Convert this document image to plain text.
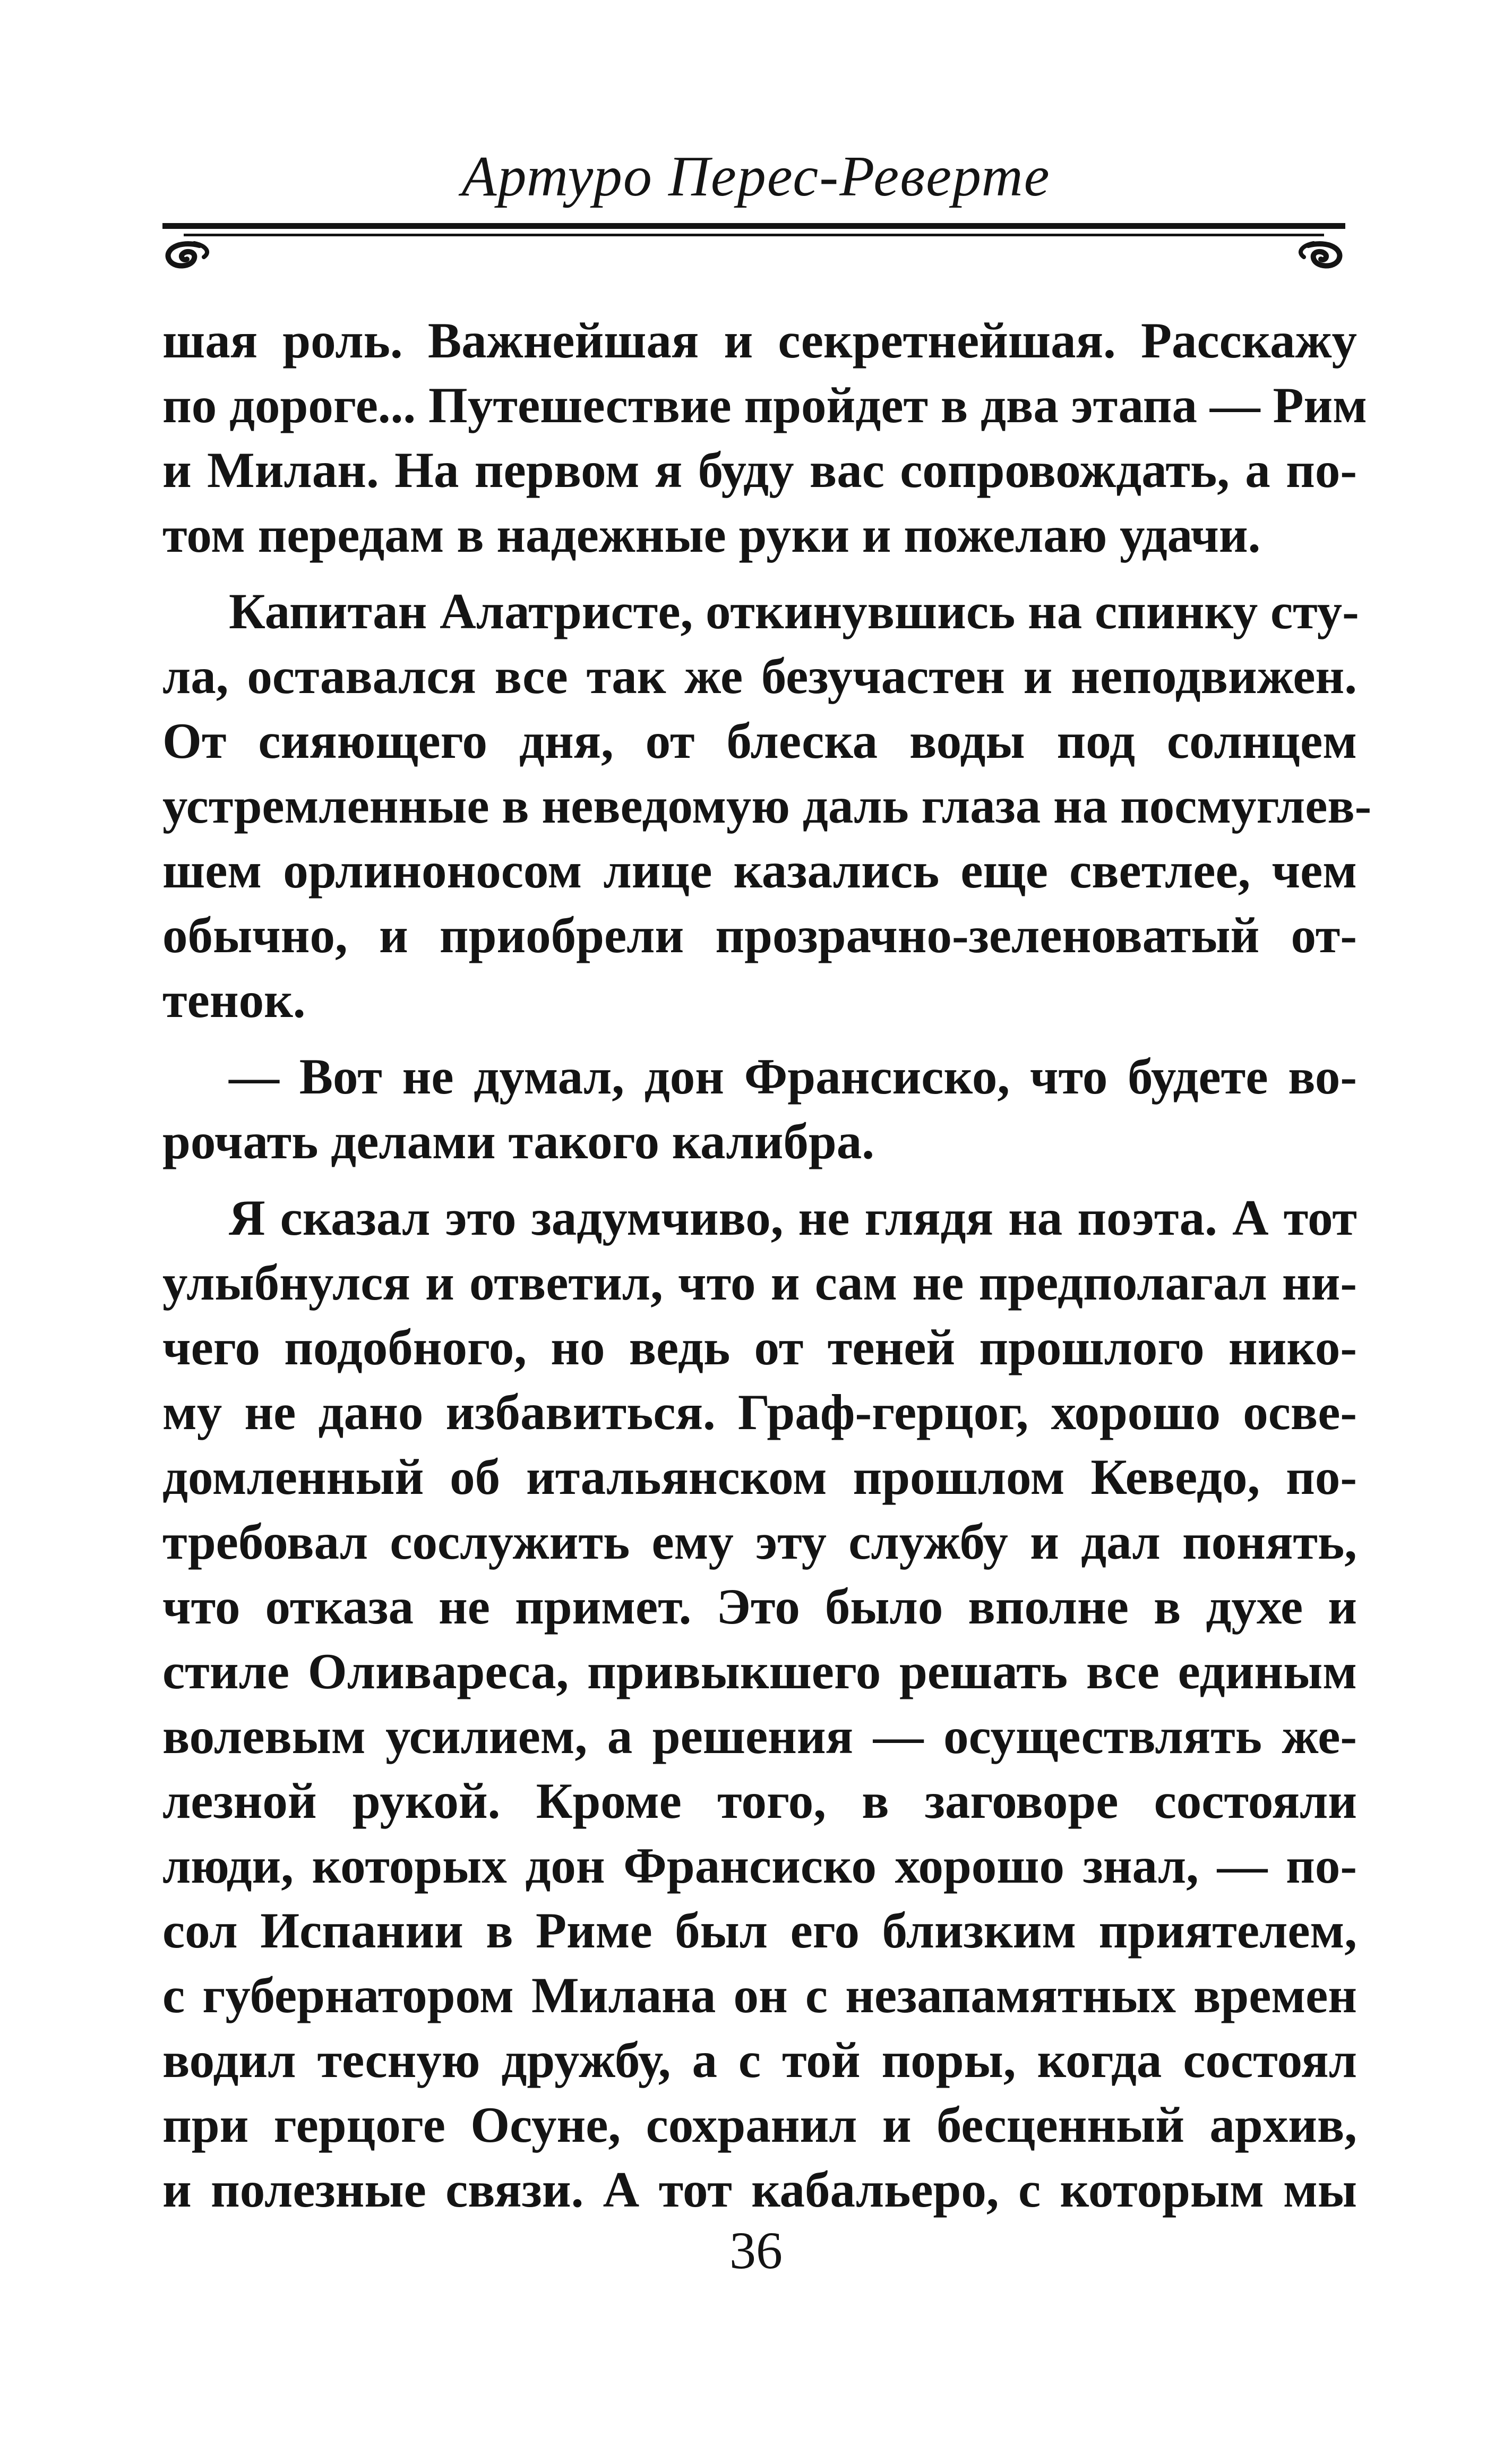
Артуро Перес-Реверте
шая роль. Важнейшая и секретнейшая. Расскажу
по дороге... Путешествие пройдет в два этапа — Рим
и Милан. На первом я буду вас сопровождать, а по-
том передам в надежные руки и пожелаю удачи.
Капитан Алатристе, откинувшись на спинку сту-
ла, оставался все так же безучастен и неподвижен.
От сияющего дня, от блеска воды под солнцем
устремленные в неведомую даль глаза на посмуглев-
шем орлиноносом лице казались еще светлее, чем
обычно, и приобрели прозрачно-зеленоватый от-
тенок.
— Вот не думал, дон Франсиско, что будете во-
рочать делами такого калибра.
Я сказал это задумчиво, не глядя на поэта. А тот
улыбнулся и ответил, что и сам не предполагал ни-
чего подобного, но ведь от теней прошлого нико-
му не дано избавиться. Граф-герцог, хорошо осве-
домленный об итальянском прошлом Кеведо, по-
требовал сослужить ему эту службу и дал понять,
что отказа не примет. Это было вполне в духе и
стиле Оливареса, привыкшего решать все единым
волевым усилием, а решения — осуществлять же-
лезной рукой. Кроме того, в заговоре состояли
люди, которых дон Франсиско хорошо знал, — по-
сол Испании в Риме был его близким приятелем,
с губернатором Милана он с незапамятных времен
водил тесную дружбу, а с той поры, когда состоял
при герцоге Осуне, сохранил и бесценный архив,
и полезные связи. А тот кабальеро, с которым мы
36
